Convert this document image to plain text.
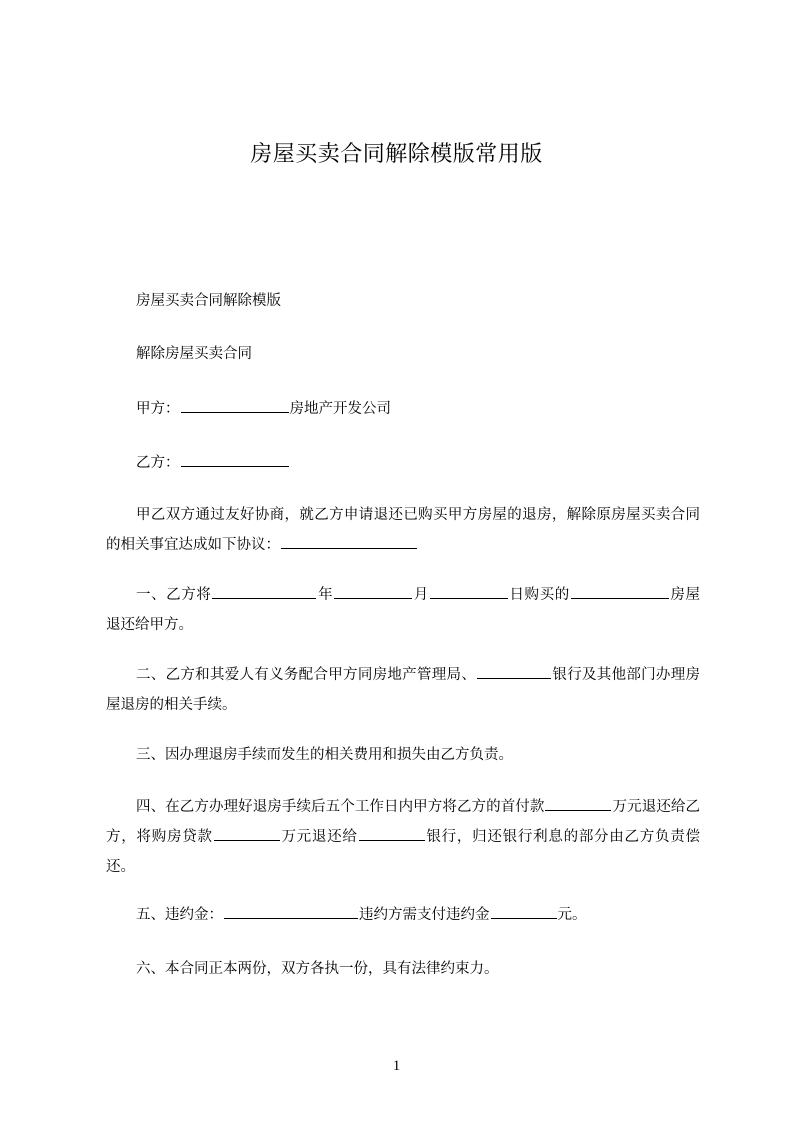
房屋买卖合同解除模版常用版
房屋买卖合同解除模版
解除房屋买卖合同
甲方：	房地产开发公司
乙方：
甲乙双方通过友好协商，就乙方申请退还已购买甲方房屋的退房，解除原房屋买卖合同的相关事宜达成如下协议：
一、乙方将	年	月	日购买的	房屋退还给甲方。
二、乙方和其爱人有义务配合甲方同房地产管理局、	银行及其他部门办理房屋退房的相关手续。
三、因办理退房手续而发生的相关费用和损失由乙方负责。
四、在乙方办理好退房手续后五个工作日内甲方将乙方的首付款	万元退还给乙方，将购房贷款	万元退还给	银行，归还银行利息的部分由乙方负责偿还。
五、违约金：	违约方需支付违约金	元。
六、本合同正本两份，双方各执一份，具有法律约束力。
1
